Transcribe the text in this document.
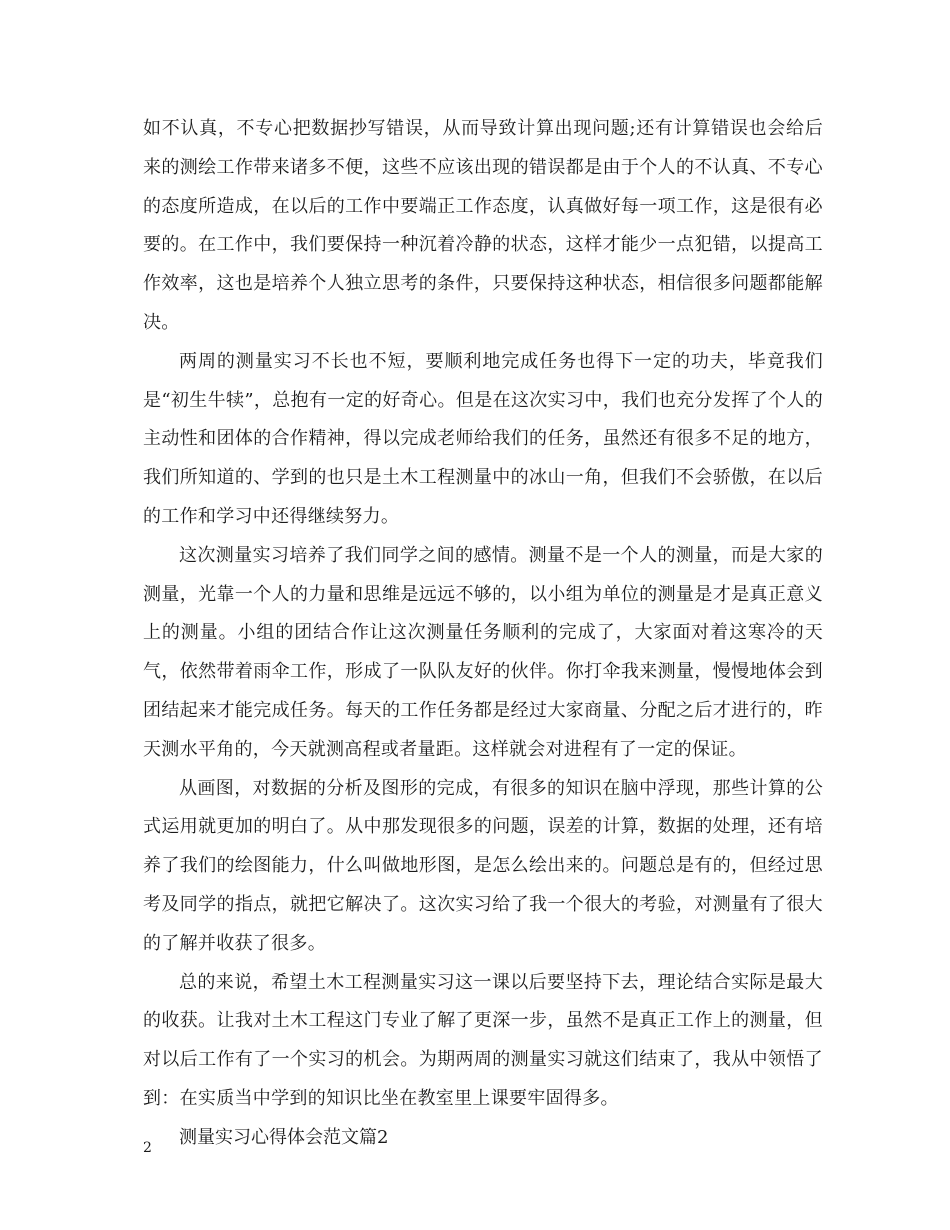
如不认真，不专心把数据抄写错误，从而导致计算出现问题;还有计算错误也会给后来的测绘工作带来诸多不便，这些不应该出现的错误都是由于个人的不认真、不专心的态度所造成，在以后的工作中要端正工作态度，认真做好每一项工作，这是很有必要的。在工作中，我们要保持一种沉着冷静的状态，这样才能少一点犯错，以提高工作效率，这也是培养个人独立思考的条件，只要保持这种状态，相信很多问题都能解决。

两周的测量实习不长也不短，要顺利地完成任务也得下一定的功夫，毕竟我们是“初生牛犊”，总抱有一定的好奇心。但是在这次实习中，我们也充分发挥了个人的主动性和团体的合作精神，得以完成老师给我们的任务，虽然还有很多不足的地方，我们所知道的、学到的也只是土木工程测量中的冰山一角，但我们不会骄傲，在以后的工作和学习中还得继续努力。

这次测量实习培养了我们同学之间的感情。测量不是一个人的测量，而是大家的测量，光靠一个人的力量和思维是远远不够的，以小组为单位的测量是才是真正意义上的测量。小组的团结合作让这次测量任务顺利的完成了，大家面对着这寒冷的天气，依然带着雨伞工作，形成了一队队友好的伙伴。你打伞我来测量，慢慢地体会到团结起来才能完成任务。每天的工作任务都是经过大家商量、分配之后才进行的，昨天测水平角的，今天就测高程或者量距。这样就会对进程有了一定的保证。

从画图，对数据的分析及图形的完成，有很多的知识在脑中浮现，那些计算的公式运用就更加的明白了。从中那发现很多的问题，误差的计算，数据的处理，还有培养了我们的绘图能力，什么叫做地形图，是怎么绘出来的。问题总是有的，但经过思考及同学的指点，就把它解决了。这次实习给了我一个很大的考验，对测量有了很大的了解并收获了很多。

总的来说，希望土木工程测量实习这一课以后要坚持下去，理论结合实际是最大的收获。让我对土木工程这门专业了解了更深一步，虽然不是真正工作上的测量，但对以后工作有了一个实习的机会。为期两周的测量实习就这们结束了，我从中领悟了到：在实质当中学到的知识比坐在教室里上课要牢固得多。

测量实习心得体会范文篇2

2
